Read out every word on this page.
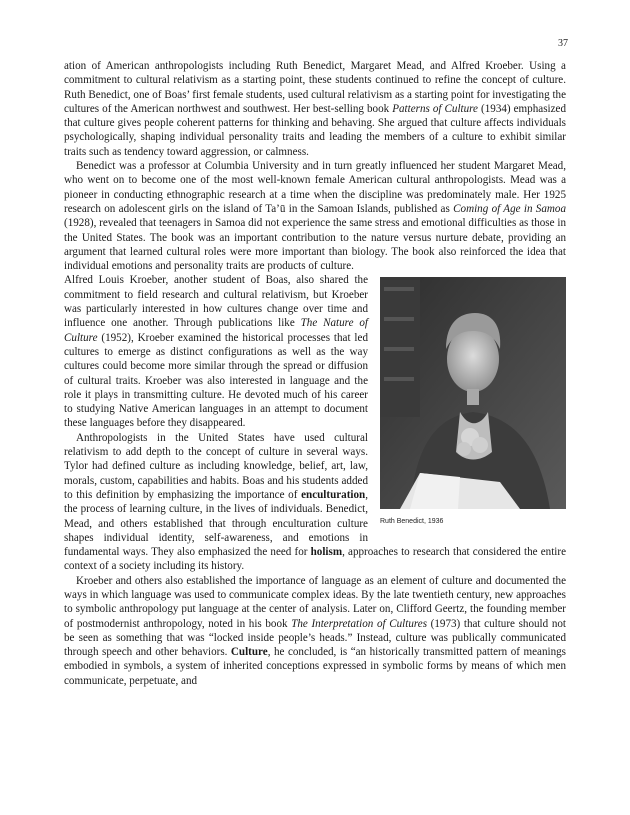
37

ation of American anthropologists including Ruth Benedict, Margaret Mead, and Alfred Kroeber. Using a commitment to cultural relativism as a starting point, these students continued to refine the concept of culture. Ruth Benedict, one of Boas’ first female students, used cultural relativism as a starting point for investigating the cultures of the American northwest and southwest. Her best-selling book Patterns of Culture (1934) emphasized that culture gives people coherent patterns for thinking and behaving. She argued that culture affects individuals psychologically, shaping individual personality traits and leading the members of a culture to exhibit similar traits such as tendency toward aggression, or calmness.

Benedict was a professor at Columbia University and in turn greatly influenced her student Margaret Mead, who went on to become one of the most well-known female American cultural anthropologists. Mead was a pioneer in conducting ethnographic research at a time when the discipline was predominately male. Her 1925 research on adolescent girls on the island of Ta’ū in the Samoan Islands, published as Coming of Age in Samoa (1928), revealed that teenagers in Samoa did not experience the same stress and emotional difficulties as those in the United States. The book was an important contribution to the nature versus nurture debate, providing an argument that learned cultural roles were more important than biology. The book also reinforced the idea that individual emotions and personality traits are products of culture.

Ruth Benedict, 1936

Alfred Louis Kroeber, another student of Boas, also shared the commitment to field research and cultural relativism, but Kroeber was particularly interested in how cultures change over time and influence one another. Through publications like The Nature of Culture (1952), Kroeber examined the historical processes that led cultures to emerge as distinct configurations as well as the way cultures could become more similar through the spread or diffusion of cultural traits. Kroeber was also interested in language and the role it plays in transmitting culture. He devoted much of his career to studying Native American languages in an attempt to document these languages before they disappeared.

Anthropologists in the United States have used cultural relativism to add depth to the concept of culture in several ways. Tylor had defined culture as including knowledge, belief, art, law, morals, custom, capabilities and habits. Boas and his students added to this definition by emphasizing the importance of enculturation, the process of learning culture, in the lives of individuals. Benedict, Mead, and others established that through enculturation culture shapes individual identity, self-awareness, and emotions in fundamental ways. They also emphasized the need for holism, approaches to research that considered the entire context of a society including its history.

Kroeber and others also established the importance of language as an element of culture and documented the ways in which language was used to communicate complex ideas. By the late twentieth century, new approaches to symbolic anthropology put language at the center of analysis. Later on, Clifford Geertz, the founding member of postmodernist anthropology, noted in his book The Interpretation of Cultures (1973) that culture should not be seen as something that was “locked inside people’s heads.” Instead, culture was publically communicated through speech and other behaviors. Culture, he concluded, is “an historically transmitted pattern of meanings embodied in symbols, a system of inherited conceptions expressed in symbolic forms by means of which men communicate, perpetuate, and
